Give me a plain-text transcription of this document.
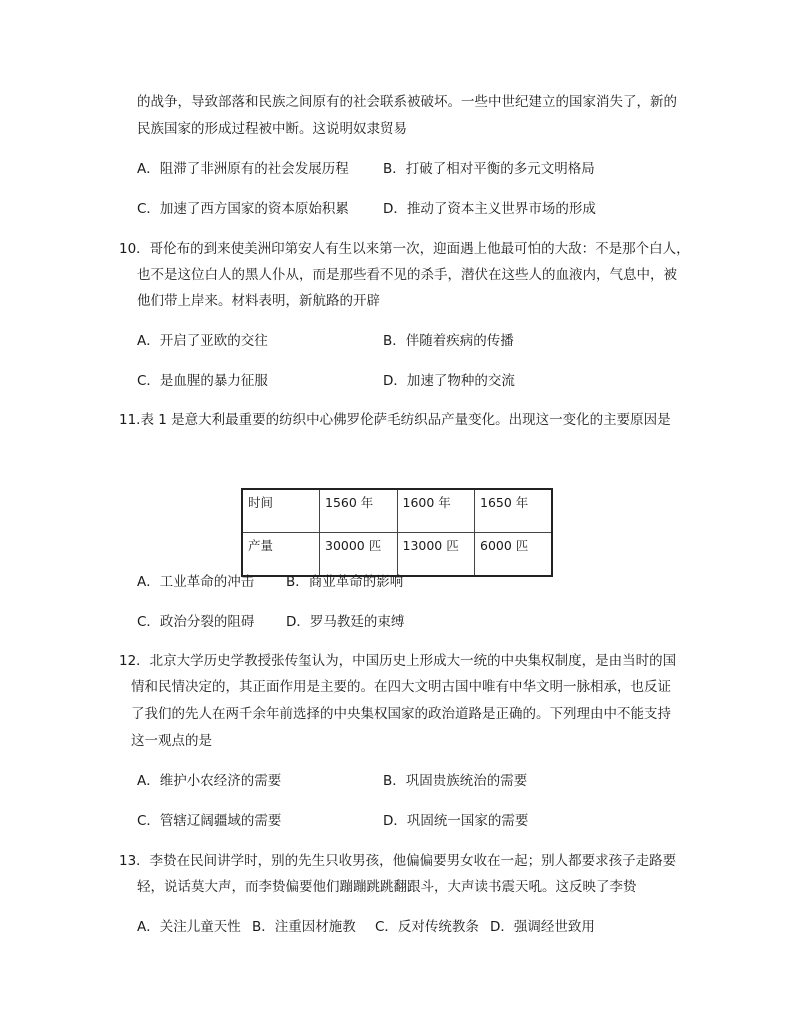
的战争，导致部落和民族之间原有的社会联系被破坏。一些中世纪建立的国家消失了，新的
民族国家的形成过程被中断。这说明奴隶贸易
A．阻滞了非洲原有的社会发展历程	B．打破了相对平衡的多元文明格局
C．加速了西方国家的资本原始积累	D．推动了资本主义世界市场的形成
10．哥伦布的到来使美洲印第安人有生以来第一次，迎面遇上他最可怕的大敌：不是那个白人，
也不是这位白人的黑人仆从，而是那些看不见的杀手，潜伏在这些人的血液内，气息中，被
他们带上岸来。材料表明，新航路的开辟
A．开启了亚欧的交往	B．伴随着疾病的传播
C．是血腥的暴力征服	D．加速了物种的交流
11.表 1 是意大利最重要的纺织中心佛罗伦萨毛纺织品产量变化。出现这一变化的主要原因是
时间	1560 年	1600 年	1650 年
产量	30000 匹	13000 匹	6000 匹
A．工业革命的冲击 B．商业革命的影响
C．政治分裂的阻碍 D．罗马教廷的束缚
12．北京大学历史学教授张传玺认为，中国历史上形成大一统的中央集权制度，是由当时的国
情和民情决定的，其正面作用是主要的。在四大文明古国中唯有中华文明一脉相承，也反证
了我们的先人在两千余年前选择的中央集权国家的政治道路是正确的。下列理由中不能支持
这一观点的是
A．维护小农经济的需要	B．巩固贵族统治的需要
C．管辖辽阔疆域的需要	D．巩固统一国家的需要
13．李贽在民间讲学时，别的先生只收男孩，他偏偏要男女收在一起；别人都要求孩子走路要
轻，说话莫大声，而李贽偏要他们蹦蹦跳跳翻跟斗，大声读书震天吼。这反映了李贽
A．关注儿童天性 B．注重因材施教 C．反对传统教条 D．强调经世致用
